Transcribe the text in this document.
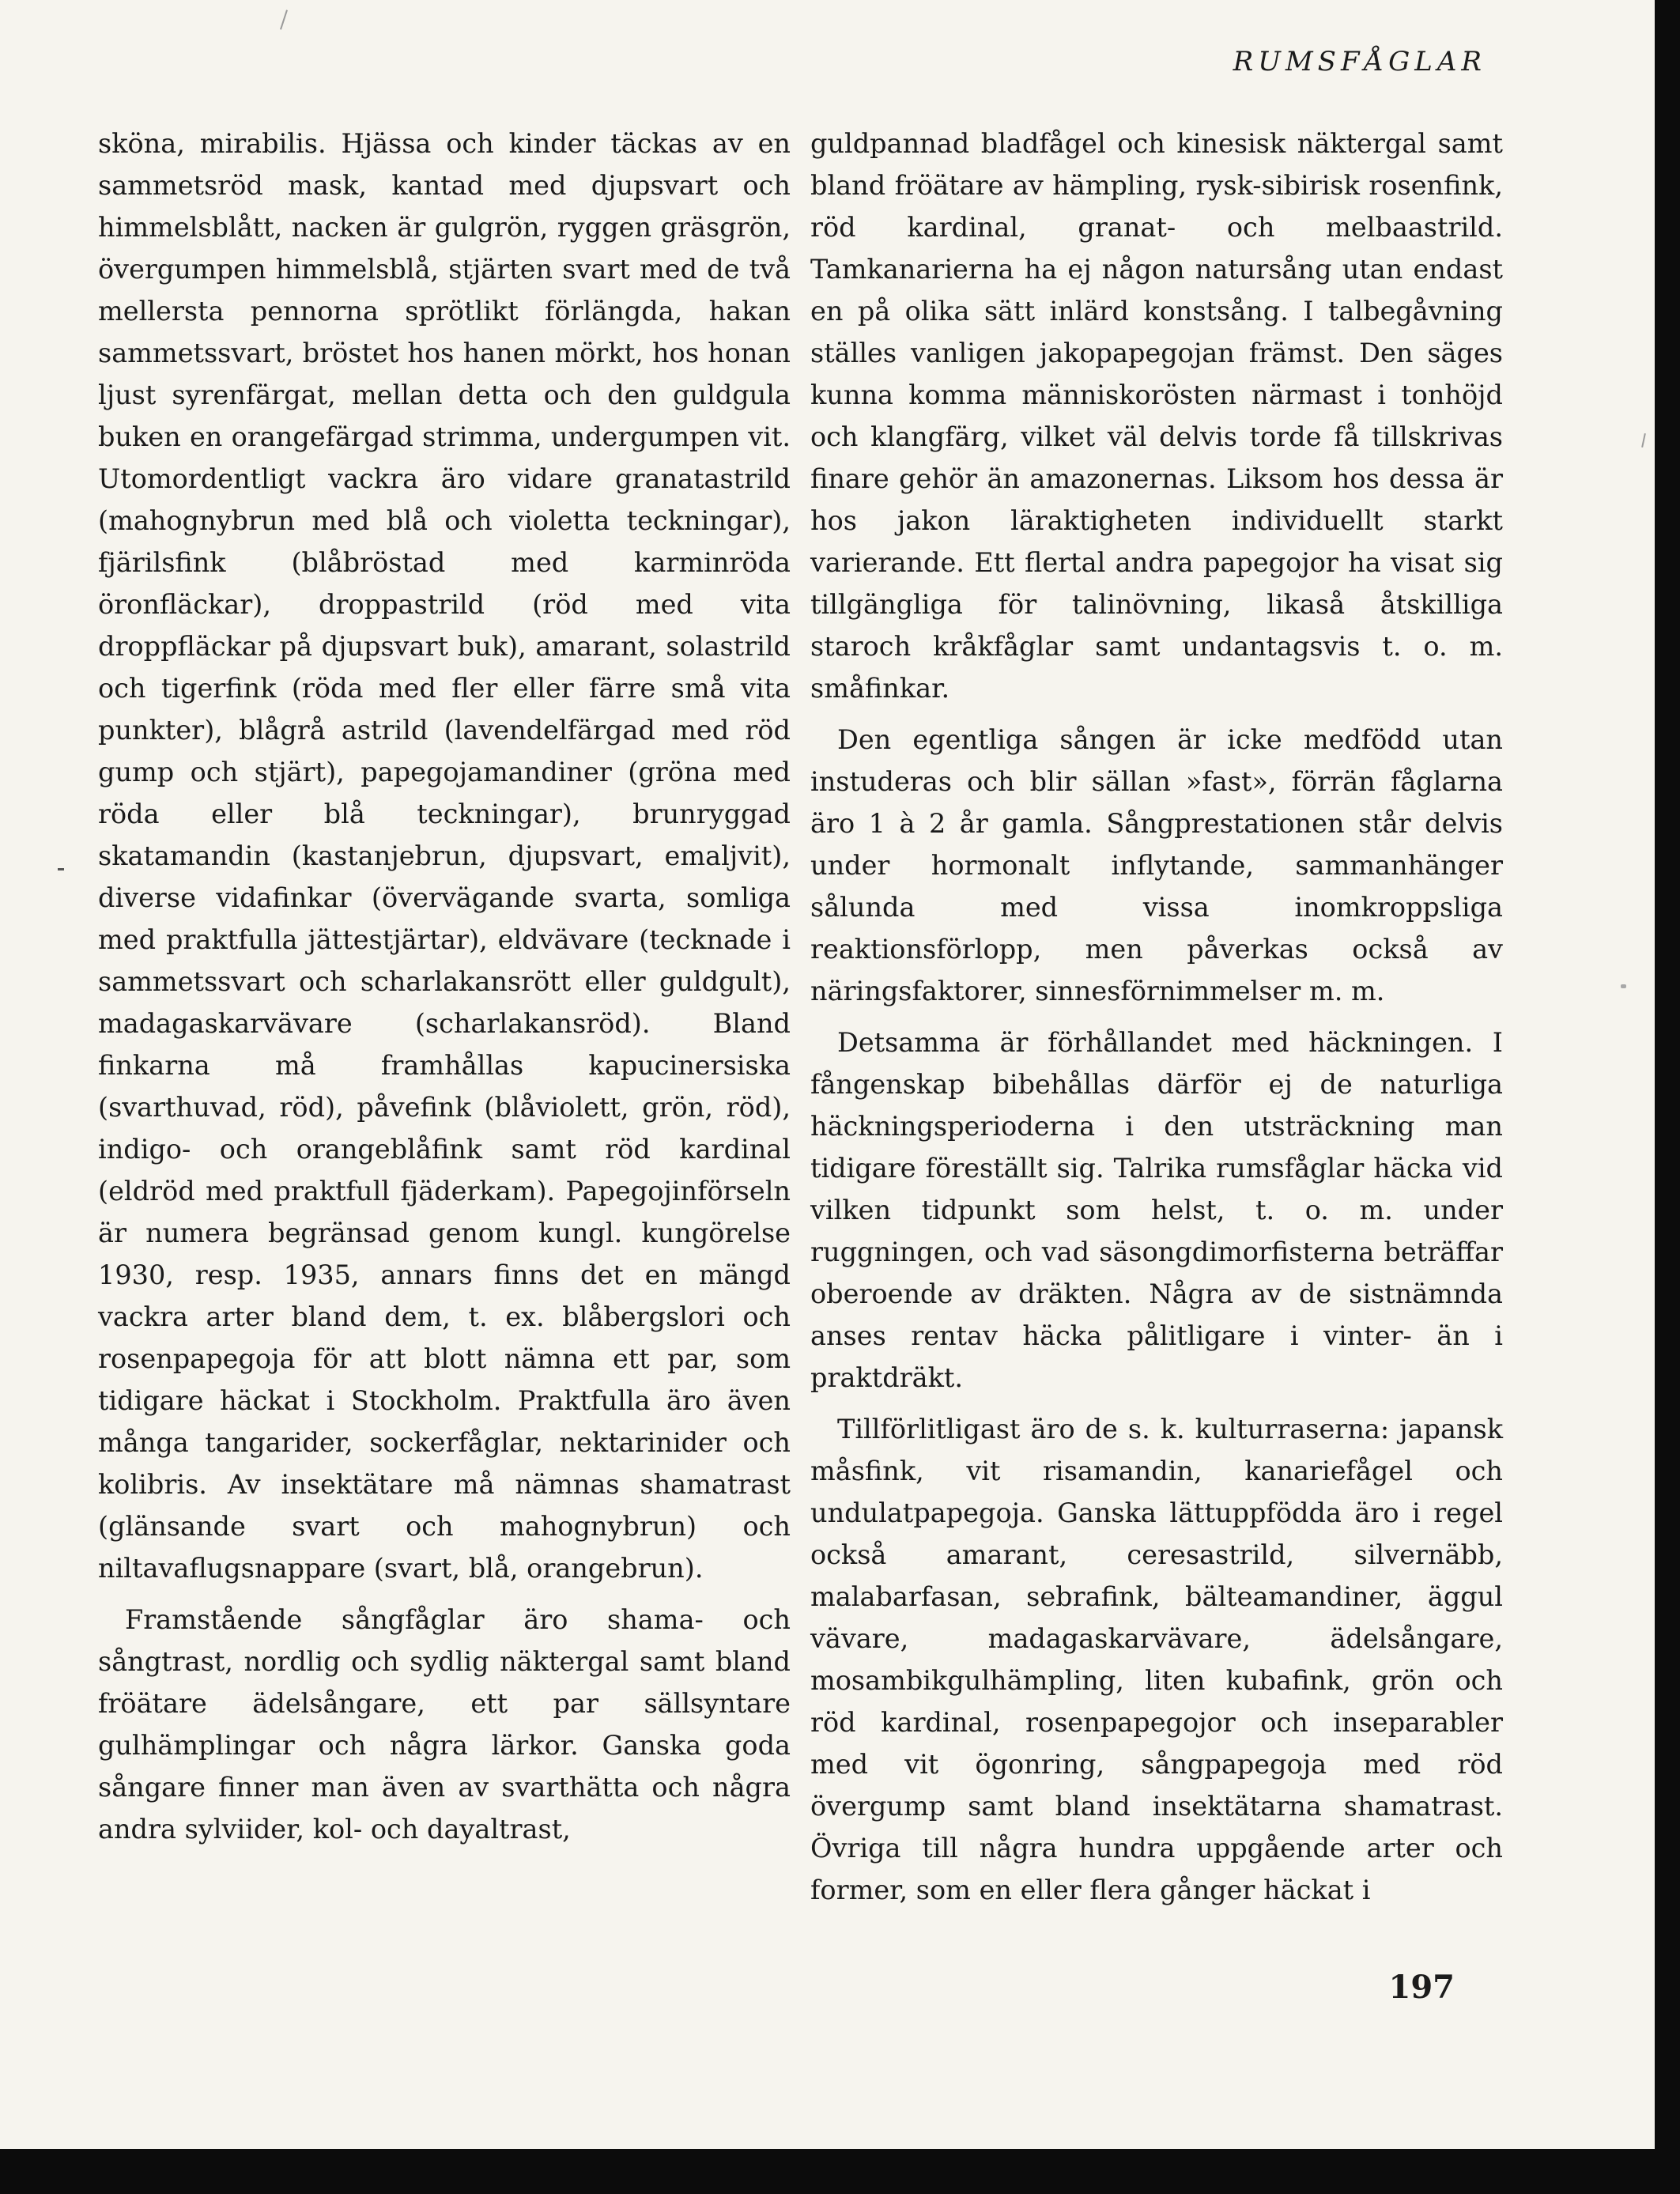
RUMSFÅGLAR

sköna, mirabilis. Hjässa och kinder täckas av en sammetsröd mask, kantad med djupsvart och himmelsblått, nacken är gulgrön, ryggen gräsgrön, övergumpen himmelsblå, stjärten svart med de två mellersta pennorna sprötlikt förlängda, hakan sammetssvart, bröstet hos hanen mörkt, hos honan ljust syrenfärgat, mellan detta och den guldgula buken en orangefärgad strimma, undergumpen vit. Utomordentligt vackra äro vidare granatastrild (mahognybrun med blå och violetta teckningar), fjärilsfink (blåbröstad med karminröda öronfläckar), droppastrild (röd med vita droppfläckar på djupsvart buk), amarant, solastrild och tigerfink (röda med fler eller färre små vita punkter), blågrå astrild (lavendelfärgad med röd gump och stjärt), papegojamandiner (gröna med röda eller blå teckningar), brunryggad skatamandin (kastanjebrun, djupsvart, emaljvit), diverse vidafinkar (övervägande svarta, somliga med praktfulla jättestjärtar), eldvävare (tecknade i sammetssvart och scharlakansrött eller guldgult), madagaskarvävare (scharlakansröd). Bland finkarna må framhållas kapucinersiska (svarthuvad, röd), påvefink (blåviolett, grön, röd), indigo- och orangeblåfink samt röd kardinal (eldröd med praktfull fjäderkam). Papegojinförseln är numera begränsad genom kungl. kungörelse 1930, resp. 1935, annars finns det en mängd vackra arter bland dem, t. ex. blåbergslori och rosenpapegoja för att blott nämna ett par, som tidigare häckat i Stockholm. Praktfulla äro även många tangarider, sockerfåglar, nektarinider och kolibris. Av insektätare må nämnas shamatrast (glänsande svart och mahognybrun) och niltavaflugsnappare (svart, blå, orangebrun).

Framstående sångfåglar äro shama- och sångtrast, nordlig och sydlig näktergal samt bland fröätare ädelsångare, ett par sällsyntare gulhämplingar och några lärkor. Ganska goda sångare finner man även av svarthätta och några andra sylviider, kol- och dayaltrast,

guldpannad bladfågel och kinesisk näktergal samt bland fröätare av hämpling, rysk-sibirisk rosenfink, röd kardinal, granat- och melbaastrild. Tamkanarierna ha ej någon natursång utan endast en på olika sätt inlärd konstsång. I talbegåvning ställes vanligen jakopapegojan främst. Den säges kunna komma människorösten närmast i tonhöjd och klangfärg, vilket väl delvis torde få tillskrivas finare gehör än amazonernas. Liksom hos dessa är hos jakon läraktigheten individuellt starkt varierande. Ett flertal andra papegojor ha visat sig tillgängliga för talinövning, likaså åtskilliga staroch kråkfåglar samt undantagsvis t. o. m. småfinkar.

Den egentliga sången är icke medfödd utan instuderas och blir sällan »fast», förrän fåglarna äro 1 à 2 år gamla. Sångprestationen står delvis under hormonalt inflytande, sammanhänger sålunda med vissa inomkroppsliga reaktionsförlopp, men påverkas också av näringsfaktorer, sinnesförnimmelser m. m.

Detsamma är förhållandet med häckningen. I fångenskap bibehållas därför ej de naturliga häckningsperioderna i den utsträckning man tidigare föreställt sig. Talrika rumsfåglar häcka vid vilken tidpunkt som helst, t. o. m. under ruggningen, och vad säsongdimorfisterna beträffar oberoende av dräkten. Några av de sistnämnda anses rentav häcka pålitligare i vinter- än i praktdräkt.

Tillförlitligast äro de s. k. kulturraserna: japansk måsfink, vit risamandin, kanariefågel och undulatpapegoja. Ganska lättuppfödda äro i regel också amarant, ceresastrild, silvernäbb, malabarfasan, sebrafink, bälteamandiner, äggul vävare, madagaskarvävare, ädelsångare, mosambikgulhämpling, liten kubafink, grön och röd kardinal, rosenpapegojor och inseparabler med vit ögonring, sångpapegoja med röd övergump samt bland insektätarna shamatrast. Övriga till några hundra uppgående arter och former, som en eller flera gånger häckat i

197
